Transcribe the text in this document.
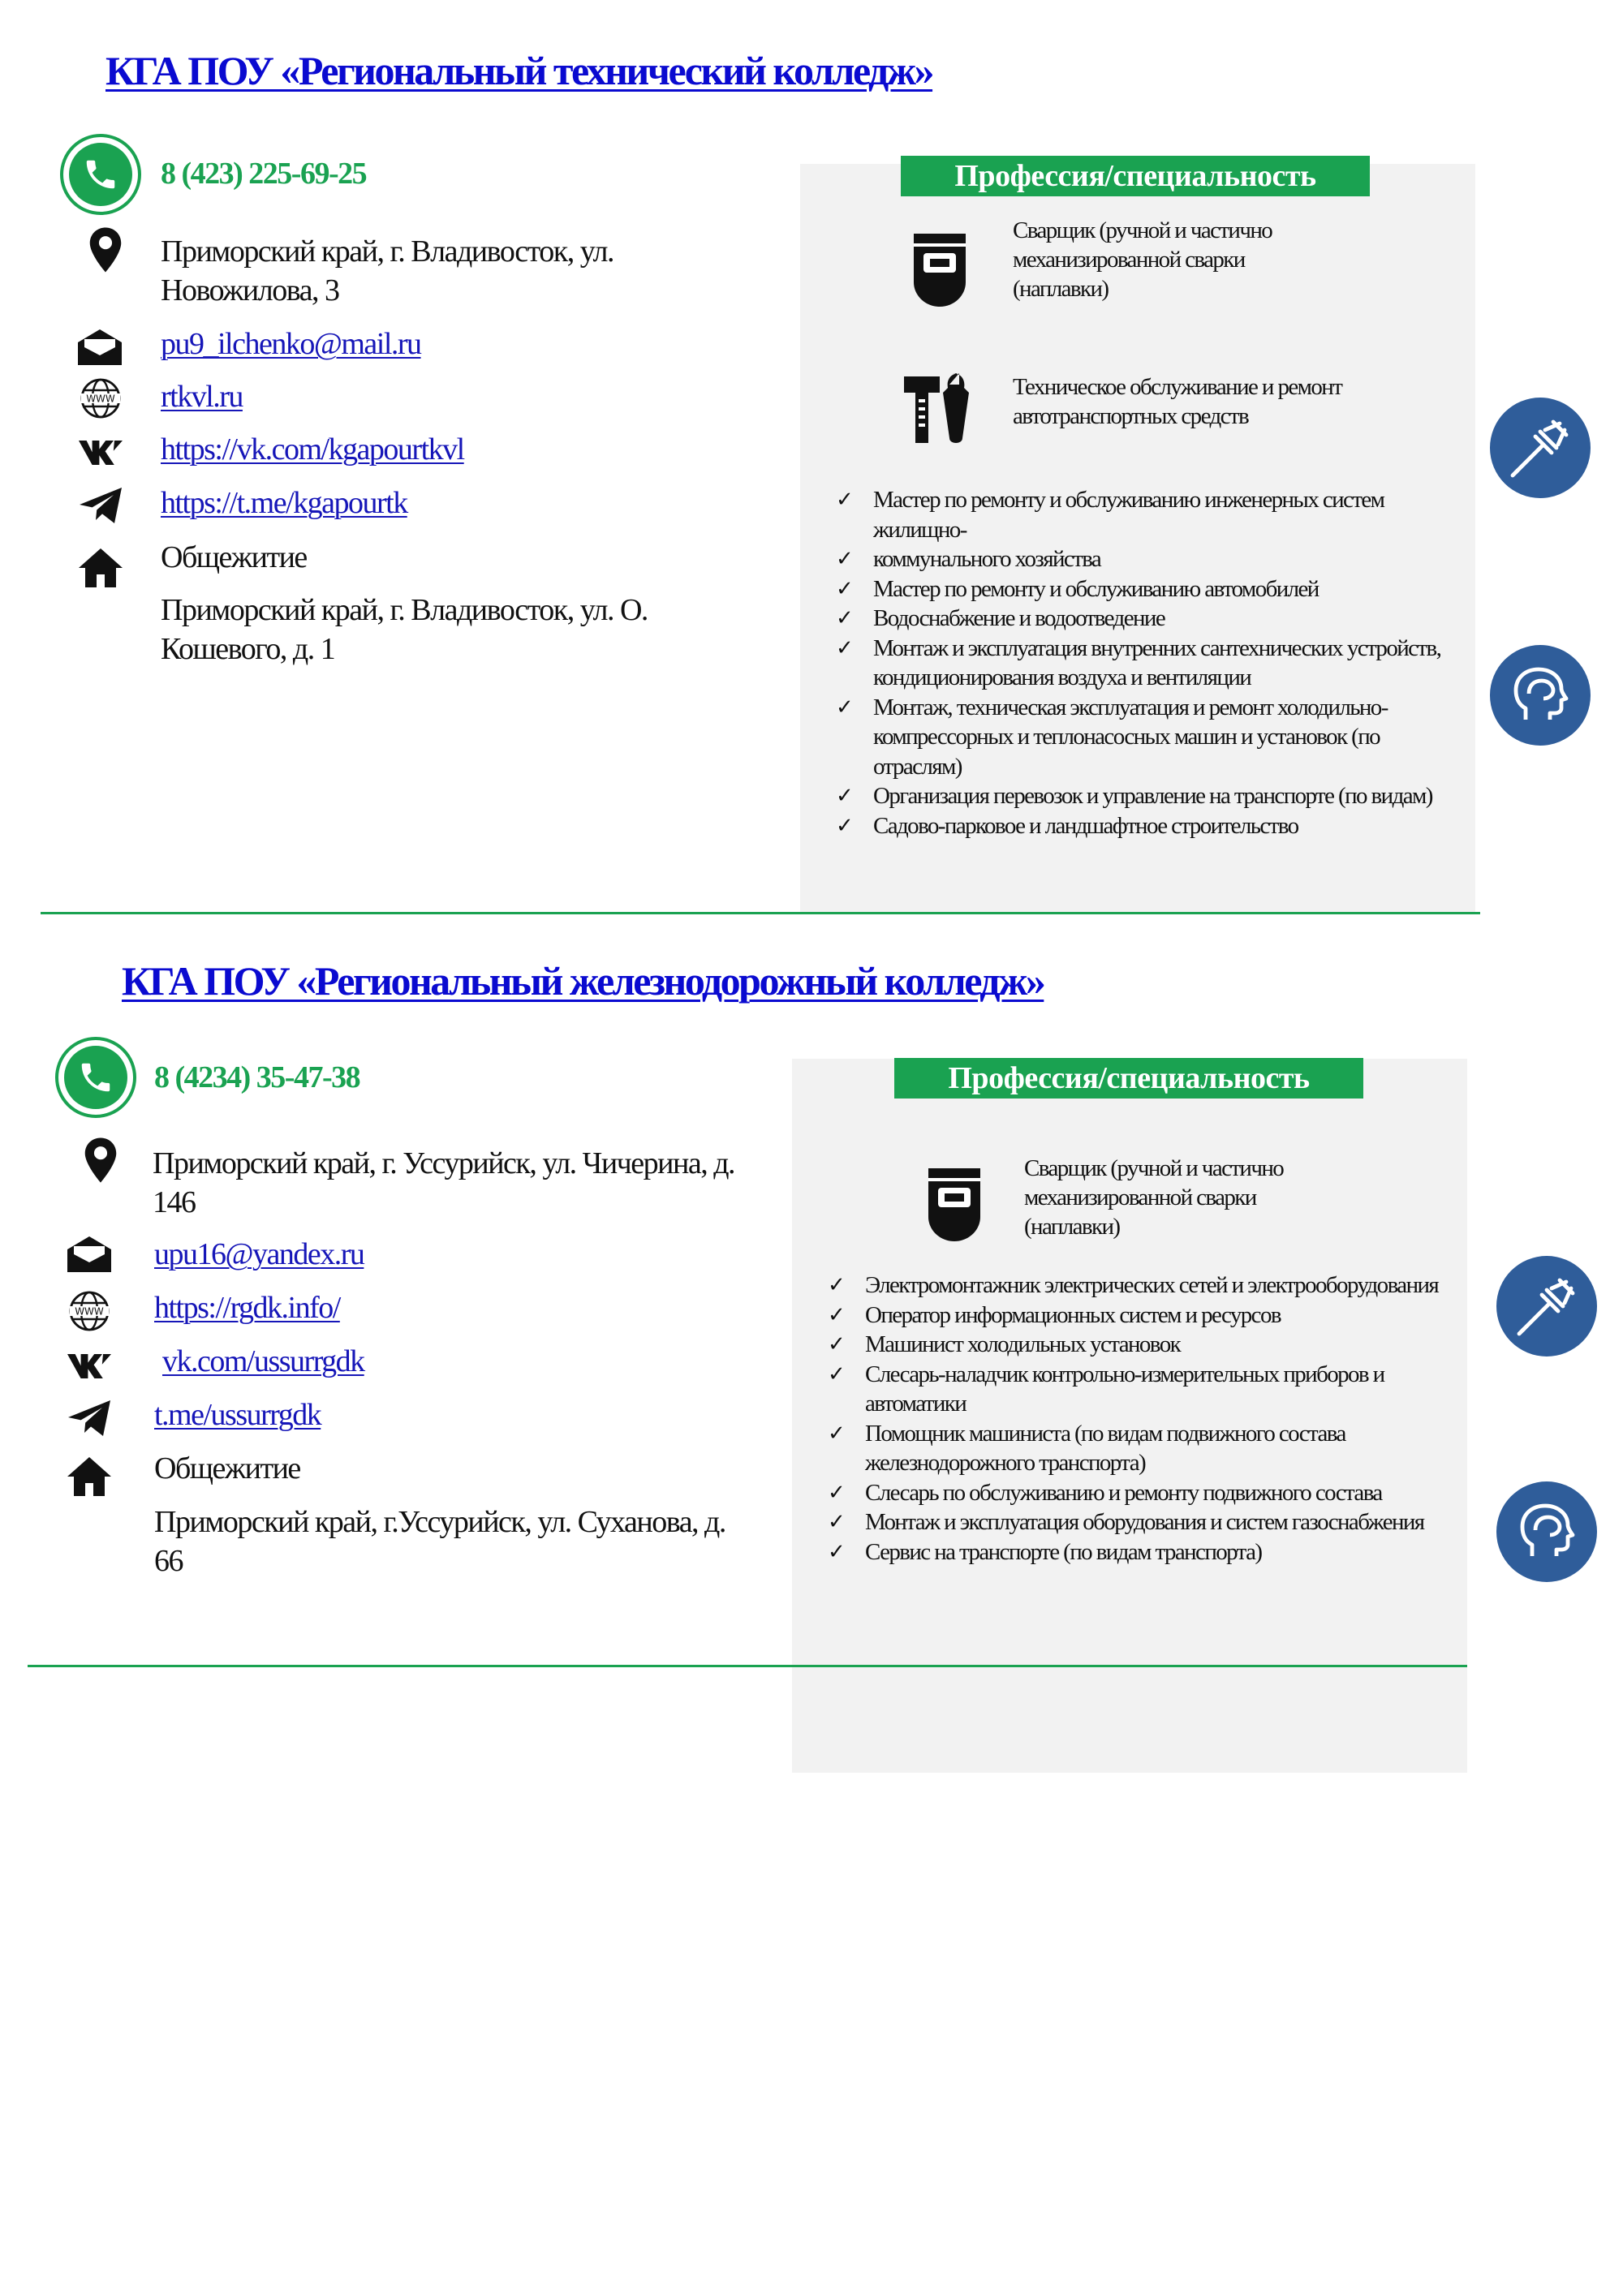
КГА ПОУ «Региональный технический колледж»
8 (423) 225-69-25

Приморский край, г. Владивосток, ул. Новожилова, 3

pu9_ilchenko@mail.ru

WWW rtkvl.ru

https://vk.com/kgapourtkvl

https://t.me/kgapourtk

Общежитие

Приморский край, г. Владивосток, ул. О. Кошевого, д. 1

Профессия/специальность

Сварщик (ручной и частично механизированной сварки (наплавки)

Техническое обслуживание и ремонт автотранспортных средств

✓ Мастер по ремонту и обслуживанию инженерных систем жилищно-
✓ коммунального хозяйства
✓ Мастер по ремонту и обслуживанию автомобилей
✓ Водоснабжение и водоотведение
✓ Монтаж и эксплуатация внутренних сантехнических устройств, кондиционирования воздуха и вентиляции
✓ Монтаж, техническая эксплуатация и ремонт холодильно-компрессорных и теплонасосных машин и установок (по отраслям)
✓ Организация перевозок и управление на транспорте (по видам)
✓ Садово-парковое и ландшафтное строительство
КГА ПОУ «Региональный железнодорожный колледж»
8 (4234) 35-47-38

Приморский край, г. Уссурийск, ул. Чичерина, д. 146

upu16@yandex.ru

WWW https://rgdk.info/

vk.com/ussurrgdk

t.me/ussurrgdk

Общежитие

Приморский край, г.Уссурийск, ул. Суханова, д. 66

Профессия/специальность

Сварщик (ручной и частично механизированной сварки (наплавки)

✓ Электромонтажник электрических сетей и электрооборудования
✓ Оператор информационных систем и ресурсов
✓ Машинист холодильных установок
✓ Слесарь-наладчик контрольно-измерительных приборов и автоматики
✓ Помощник машиниста (по видам подвижного состава железнодорожного транспорта)
✓ Слесарь по обслуживанию и ремонту подвижного состава
✓ Монтаж и эксплуатация оборудования и систем газоснабжения
✓ Сервис на транспорте (по видам транспорта)
